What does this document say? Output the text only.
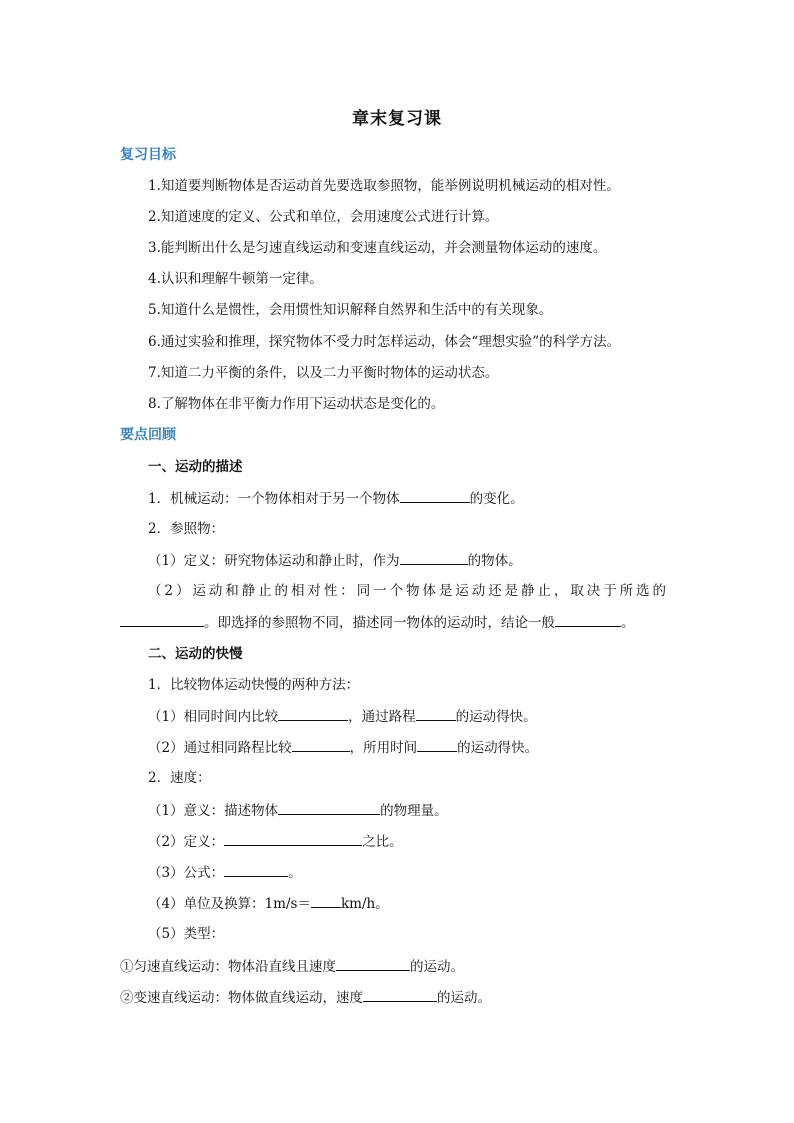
章末复习课
复习目标
1.知道要判断物体是否运动首先要选取参照物，能举例说明机械运动的相对性。
2.知道速度的定义、公式和单位，会用速度公式进行计算。
3.能判断出什么是匀速直线运动和变速直线运动，并会测量物体运动的速度。
4.认识和理解牛顿第一定律。
5.知道什么是惯性，会用惯性知识解释自然界和生活中的有关现象。
6.通过实验和推理，探究物体不受力时怎样运动，体会“理想实验”的科学方法。
7.知道二力平衡的条件，以及二力平衡时物体的运动状态。
8.了解物体在非平衡力作用下运动状态是变化的。
要点回顾
一、运动的描述
1．机械运动：一个物体相对于另一个物体	的变化。
2．参照物：
（1）定义：研究物体运动和静止时，作为	的物体。
（2）运动和静止的相对性：同一个物体是运动还是静止，取决于所选的
。即选择的参照物不同，描述同一物体的运动时，结论一般	。
二、运动的快慢
1．比较物体运动快慢的两种方法：
（1）相同时间内比较	，通过路程	的运动得快。
（2）通过相同路程比较	，所用时间	的运动得快。
2．速度：
（1）意义：描述物体	的物理量。
（2）定义：	之比。
（3）公式：	。
（4）单位及换算：1m/s＝ km/h。
（5）类型：
①匀速直线运动：物体沿直线且速度	的运动。
②变速直线运动：物体做直线运动，速度	的运动。
